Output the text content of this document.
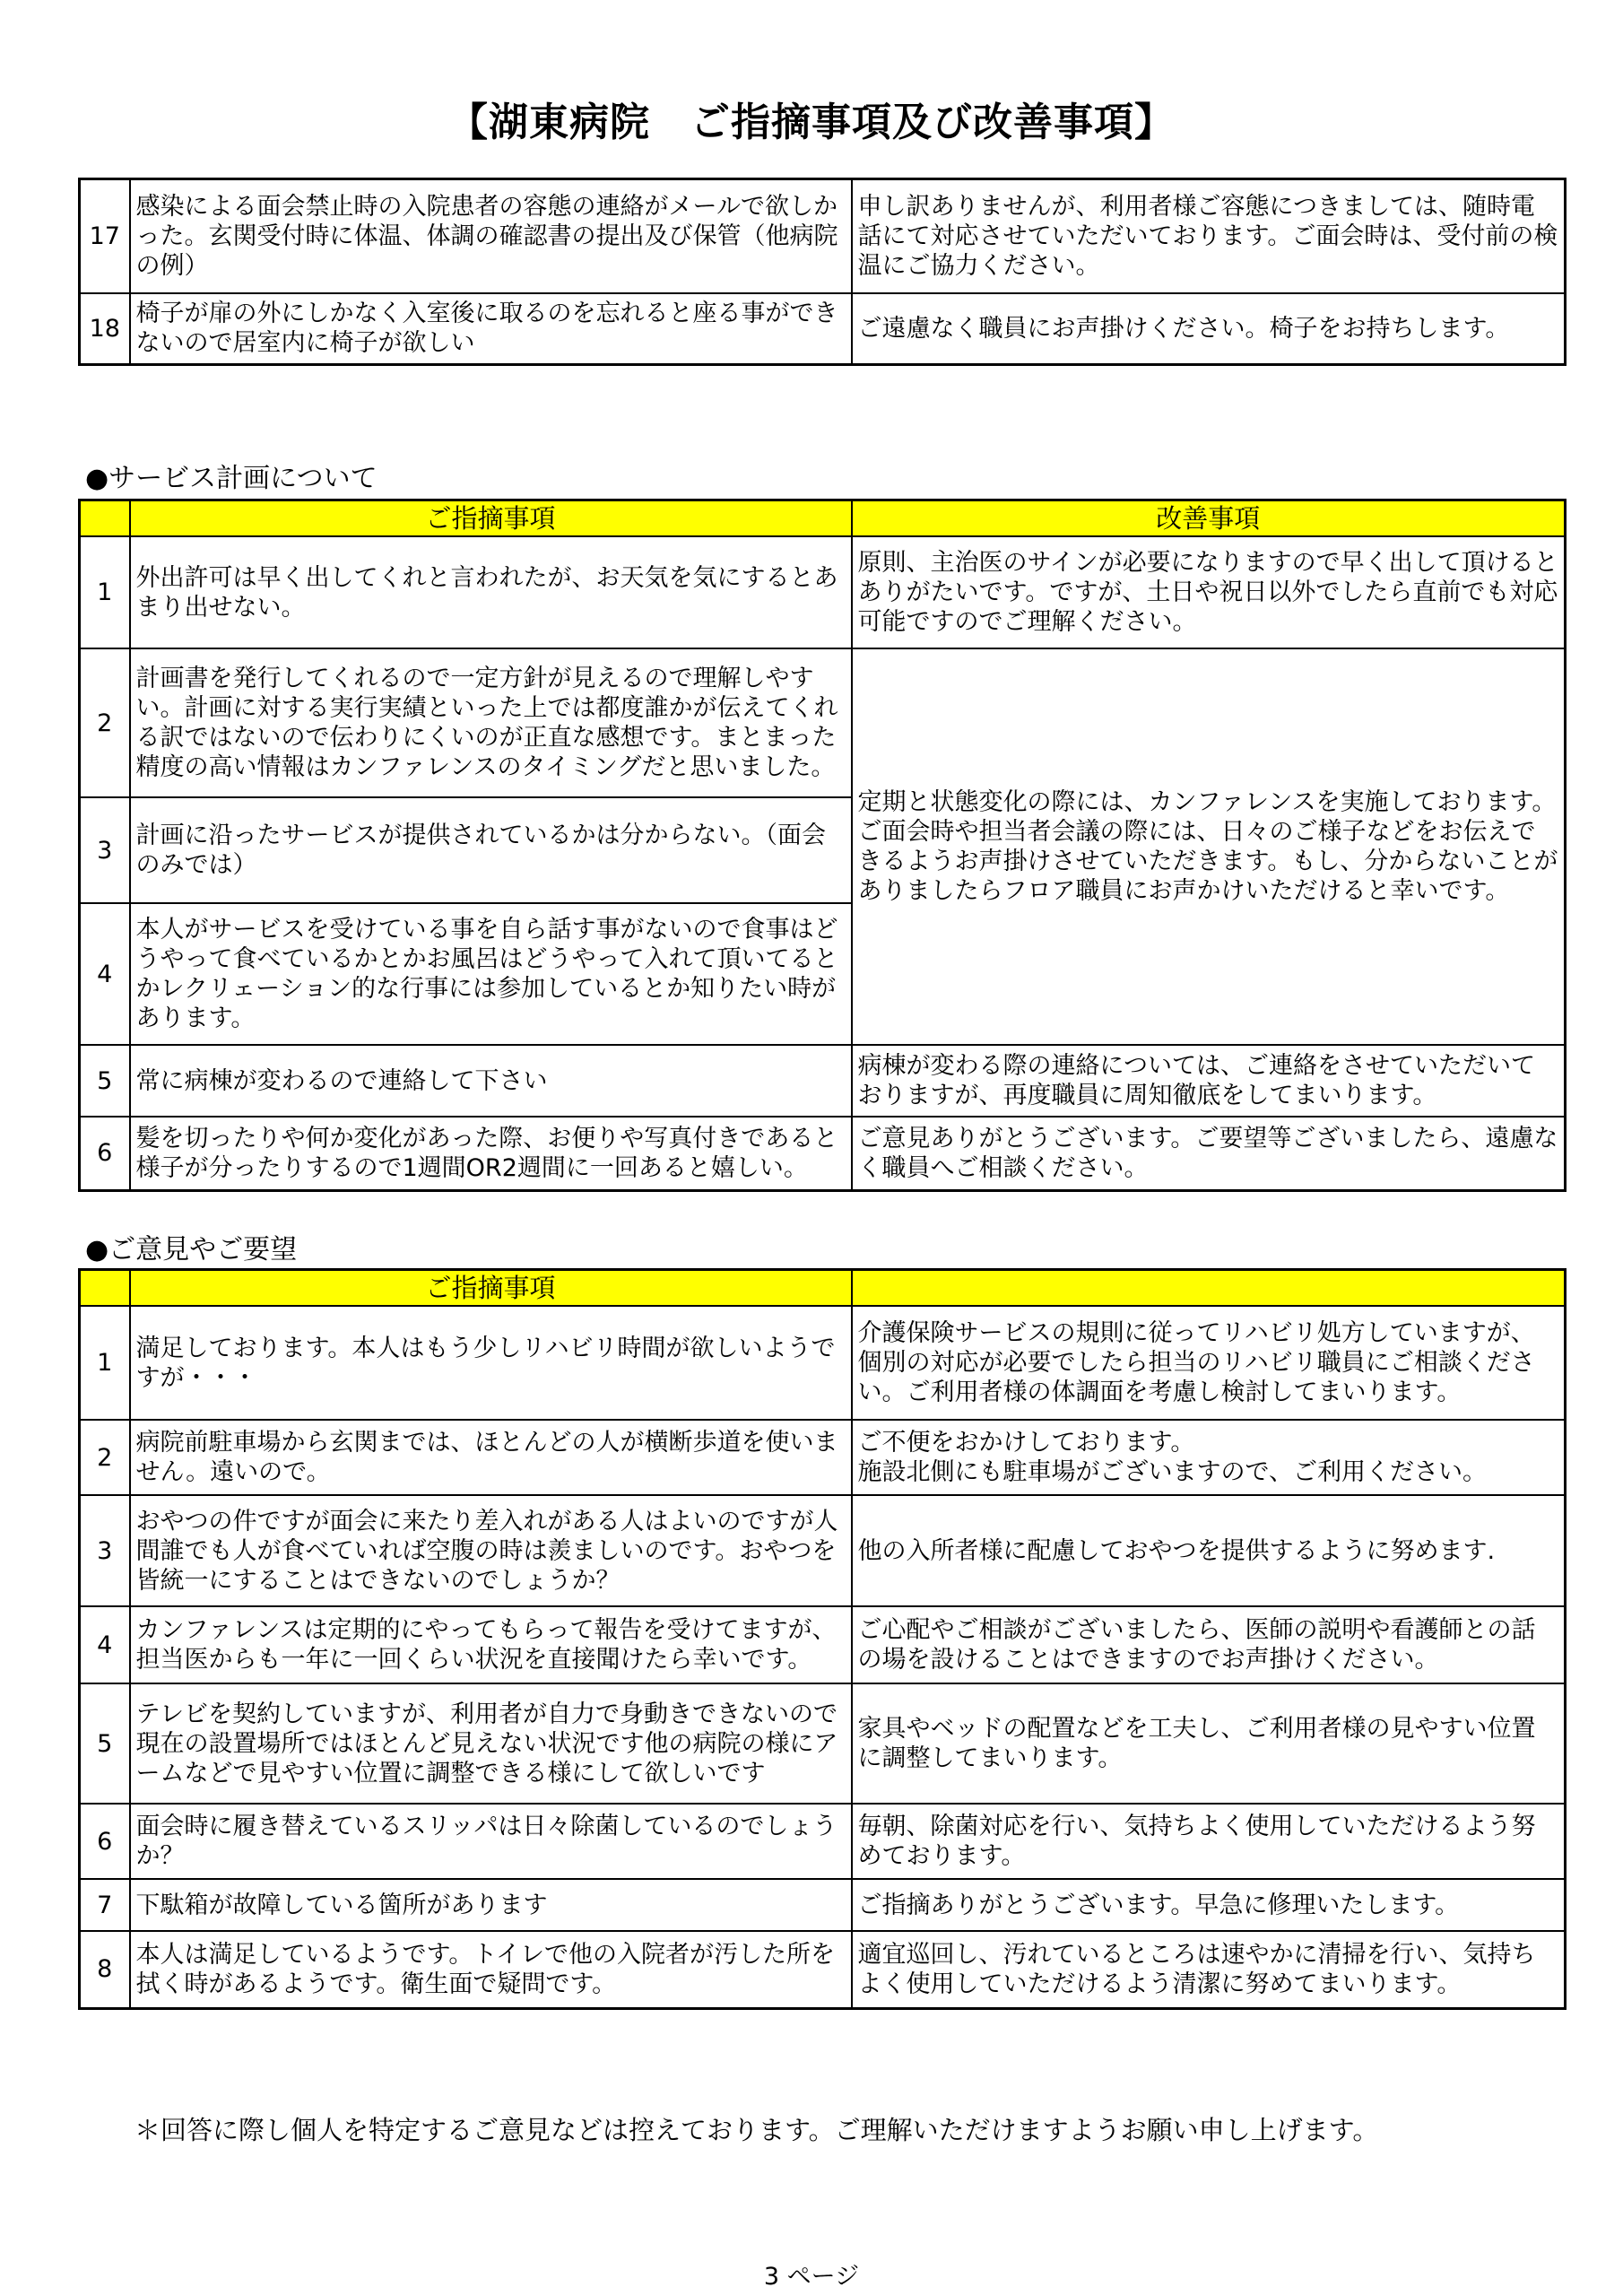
【湖東病院　ご指摘事項及び改善事項】
17	感染による面会禁止時の入院患者の容態の連絡がメールで欲しかった。玄関受付時に体温、体調の確認書の提出及び保管（他病院の例）	申し訳ありませんが、利用者様ご容態につきましては、随時電話にて対応させていただいております。ご面会時は、受付前の検温にご協力ください。
18	椅子が扉の外にしかなく入室後に取るのを忘れると座る事ができないので居室内に椅子が欲しい	ご遠慮なく職員にお声掛けください。椅子をお持ちします。
●サービス計画について
	ご指摘事項	改善事項
1	外出許可は早く出してくれと言われたが、お天気を気にするとあまり出せない。	原則、主治医のサインが必要になりますので早く出して頂けるとありがたいです。ですが、土日や祝日以外でしたら直前でも対応可能ですのでご理解ください。
2	計画書を発行してくれるので一定方針が見えるので理解しやすい。計画に対する実行実績といった上では都度誰かが伝えてくれる訳ではないので伝わりにくいのが正直な感想です。まとまった精度の高い情報はカンファレンスのタイミングだと思いました。	定期と状態変化の際には、カンファレンスを実施しております。ご面会時や担当者会議の際には、日々のご様子などをお伝えできるようお声掛けさせていただきます。もし、分からないことがありましたらフロア職員にお声かけいただけると幸いです。
3	計画に沿ったサービスが提供されているかは分からない。（面会のみでは）	
4	本人がサービスを受けている事を自ら話す事がないので食事はどうやって食べているかとかお風呂はどうやって入れて頂いてるとかレクリェーション的な行事には参加しているとか知りたい時があります。	
5	常に病棟が変わるので連絡して下さい	病棟が変わる際の連絡については、ご連絡をさせていただいておりますが、再度職員に周知徹底をしてまいります。
6	髪を切ったりや何か変化があった際、お便りや写真付きであると様子が分ったりするので1週間OR2週間に一回あると嬉しい。	ご意見ありがとうございます。ご要望等ございましたら、遠慮なく職員へご相談ください。
●ご意見やご要望
	ご指摘事項	
1	満足しております。本人はもう少しリハビリ時間が欲しいようですが・・・	介護保険サービスの規則に従ってリハビリ処方していますが、個別の対応が必要でしたら担当のリハビリ職員にご相談ください。ご利用者様の体調面を考慮し検討してまいります。
2	病院前駐車場から玄関までは、ほとんどの人が横断歩道を使いません。遠いので。	ご不便をおかけしております。
施設北側にも駐車場がございますので、ご利用ください。
3	おやつの件ですが面会に来たり差入れがある人はよいのですが人間誰でも人が食べていれば空腹の時は羨ましいのです。おやつを皆統一にすることはできないのでしょうか？	他の入所者様に配慮しておやつを提供するように努めます.
4	カンファレンスは定期的にやってもらって報告を受けてますが、担当医からも一年に一回くらい状況を直接聞けたら幸いです。	ご心配やご相談がございましたら、医師の説明や看護師との話の場を設けることはできますのでお声掛けください。
5	テレビを契約していますが、利用者が自力で身動きできないので現在の設置場所ではほとんど見えない状況です他の病院の様にアームなどで見やすい位置に調整できる様にして欲しいです	家具やベッドの配置などを工夫し、ご利用者様の見やすい位置に調整してまいります。
6	面会時に履き替えているスリッパは日々除菌しているのでしょうか？	毎朝、除菌対応を行い、気持ちよく使用していただけるよう努めております。
7	下駄箱が故障している箇所があります	ご指摘ありがとうございます。早急に修理いたします。
8	本人は満足しているようです。トイレで他の入院者が汚した所を拭く時があるようです。衛生面で疑問です。	適宜巡回し、汚れているところは速やかに清掃を行い、気持ちよく使用していただけるよう清潔に努めてまいります。
＊回答に際し個人を特定するご意見などは控えております。ご理解いただけますようお願い申し上げます。
3 ページ
